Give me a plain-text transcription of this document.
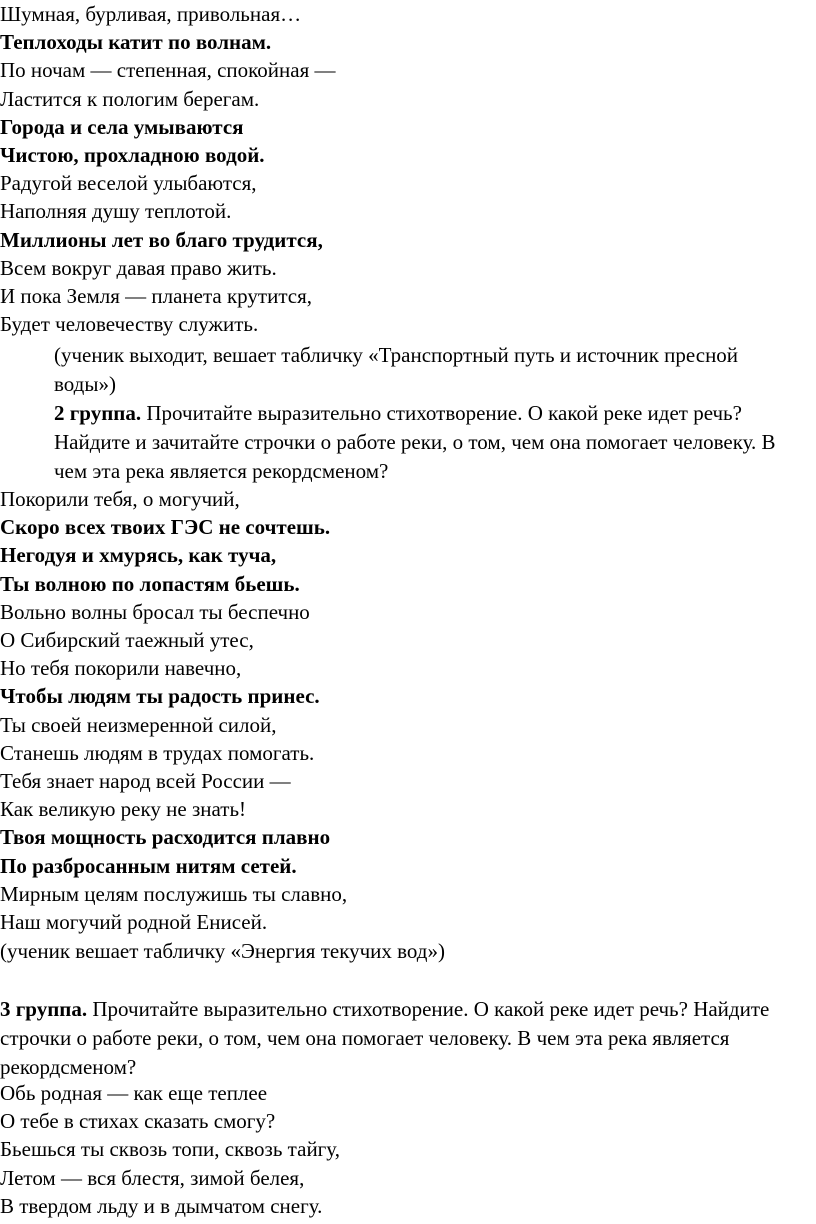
Шумная, бурливая, привольная…
Теплоходы катит по волнам.
По ночам — степенная, спокойная —
Ластится к пологим берегам.
Города и села умываются
Чистою, прохладною водой.
Радугой веселой улыбаются,
Наполняя душу теплотой.
Миллионы лет во благо трудится,
Всем вокруг давая право жить.
И пока Земля — планета крутится,
Будет человечеству служить.
(ученик выходит, вешает табличку «Транспортный путь и источник пресной воды»)
2 группа. Прочитайте выразительно стихотворение. О какой реке идет речь? Найдите и зачитайте строчки о работе реки, о том, чем она помогает человеку. В чем эта река является рекордсменом?
Покорили тебя, о могучий,
Скоро всех твоих ГЭС не сочтешь.
Негодуя и хмурясь, как туча,
Ты волною по лопастям бьешь.
Вольно волны бросал ты беспечно
О Сибирский таежный утес,
Но тебя покорили навечно,
Чтобы людям ты радость принес.
Ты своей неизмеренной силой,
Станешь людям в трудах помогать.
Тебя знает народ всей России —
Как великую реку не знать!
Твоя мощность расходится плавно
По разбросанным нитям сетей.
Мирным целям послужишь ты славно,
Наш могучий родной Енисей.
(ученик вешает табличку «Энергия текучих вод»)
3 группа. Прочитайте выразительно стихотворение. О какой реке идет речь? Найдите строчки о работе реки, о том, чем она помогает человеку. В чем эта река является рекордсменом?
Обь родная — как еще теплее
О тебе в стихах сказать смогу?
Бьешься ты сквозь топи, сквозь тайгу,
Летом — вся блестя, зимой белея,
В твердом льду и в дымчатом снегу.
